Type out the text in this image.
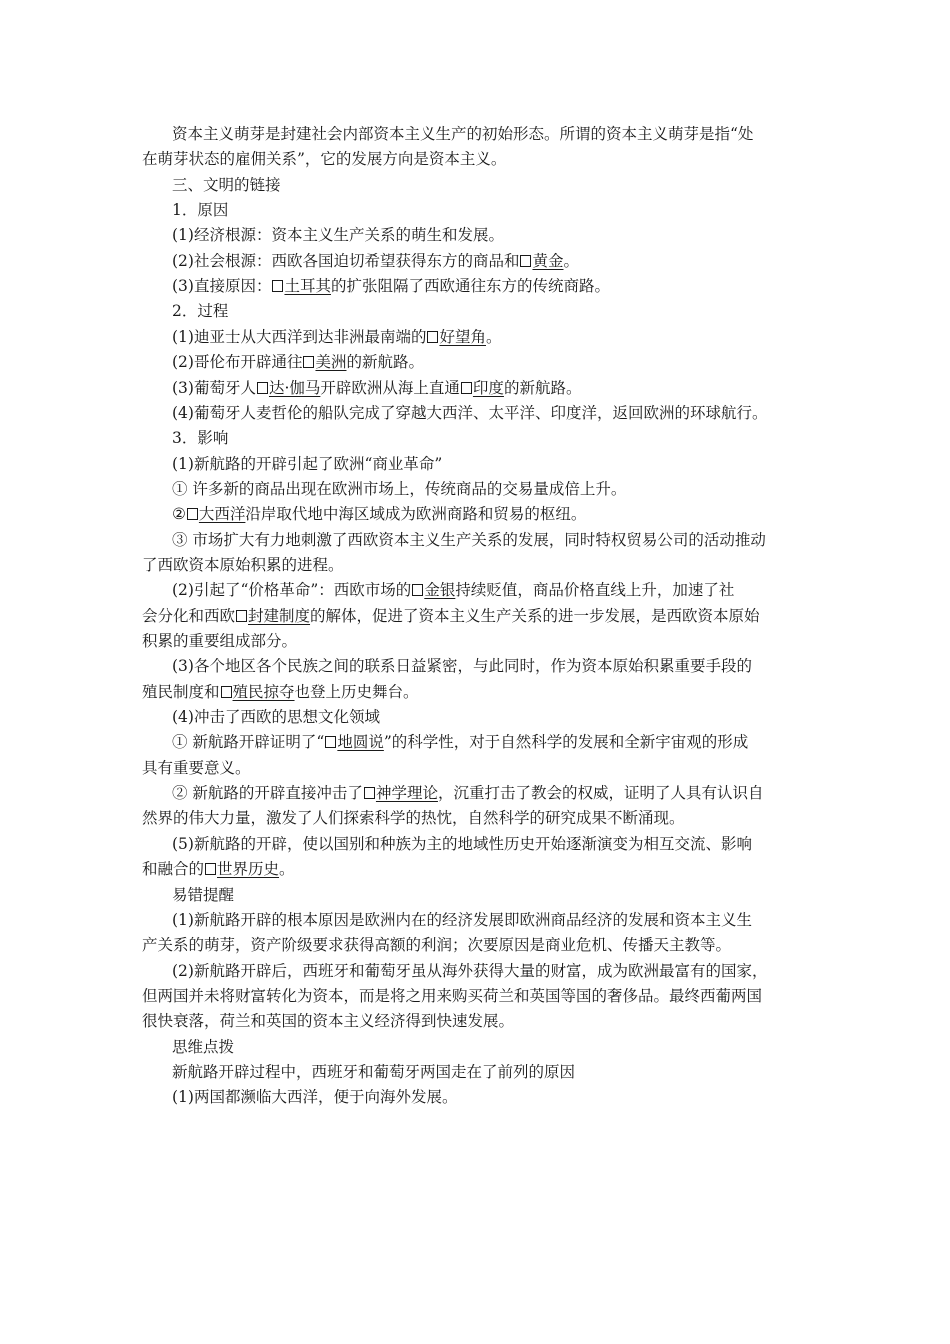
资本主义萌芽是封建社会内部资本主义生产的初始形态。所谓的资本主义萌芽是指“处
在萌芽状态的雇佣关系”，它的发展方向是资本主义。
三、文明的链接
1．原因
(1)经济根源：资本主义生产关系的萌生和发展。
(2)社会根源：西欧各国迫切希望获得东方的商品和 黄金。
(3)直接原因： 土耳其的扩张阻隔了西欧通往东方的传统商路。
2．过程
(1)迪亚士从大西洋到达非洲最南端的 好望角。
(2)哥伦布开辟通往 美洲的新航路。
(3)葡萄牙人 达·伽马开辟欧洲从海上直通 印度的新航路。
(4)葡萄牙人麦哲伦的船队完成了穿越大西洋、太平洋、印度洋，返回欧洲的环球航行。
3．影响
(1)新航路的开辟引起了欧洲“商业革命”
① 许多新的商品出现在欧洲市场上，传统商品的交易量成倍上升。
② 大西洋沿岸取代地中海区域成为欧洲商路和贸易的枢纽。
③ 市场扩大有力地刺激了西欧资本主义生产关系的发展，同时特权贸易公司的活动推动
了西欧资本原始积累的进程。
(2)引起了“价格革命”：西欧市场的 金银持续贬值，商品价格直线上升，加速了社
会分化和西欧 封建制度的解体，促进了资本主义生产关系的进一步发展，是西欧资本原始
积累的重要组成部分。
(3)各个地区各个民族之间的联系日益紧密，与此同时，作为资本原始积累重要手段的
殖民制度和 殖民掠夺也登上历史舞台。
(4)冲击了西欧的思想文化领域
① 新航路开辟证明了“ 地圆说”的科学性，对于自然科学的发展和全新宇宙观的形成
具有重要意义。
② 新航路的开辟直接冲击了 神学理论，沉重打击了教会的权威，证明了人具有认识自
然界的伟大力量，激发了人们探索科学的热忱，自然科学的研究成果不断涌现。
(5)新航路的开辟，使以国别和种族为主的地域性历史开始逐渐演变为相互交流、影响
和融合的 世界历史。
易错提醒
(1)新航路开辟的根本原因是欧洲内在的经济发展即欧洲商品经济的发展和资本主义生
产关系的萌芽，资产阶级要求获得高额的利润；次要原因是商业危机、传播天主教等。
(2)新航路开辟后，西班牙和葡萄牙虽从海外获得大量的财富，成为欧洲最富有的国家，
但两国并未将财富转化为资本，而是将之用来购买荷兰和英国等国的奢侈品。最终西葡两国
很快衰落，荷兰和英国的资本主义经济得到快速发展。
思维点拨
新航路开辟过程中，西班牙和葡萄牙两国走在了前列的原因
(1)两国都濒临大西洋，便于向海外发展。
